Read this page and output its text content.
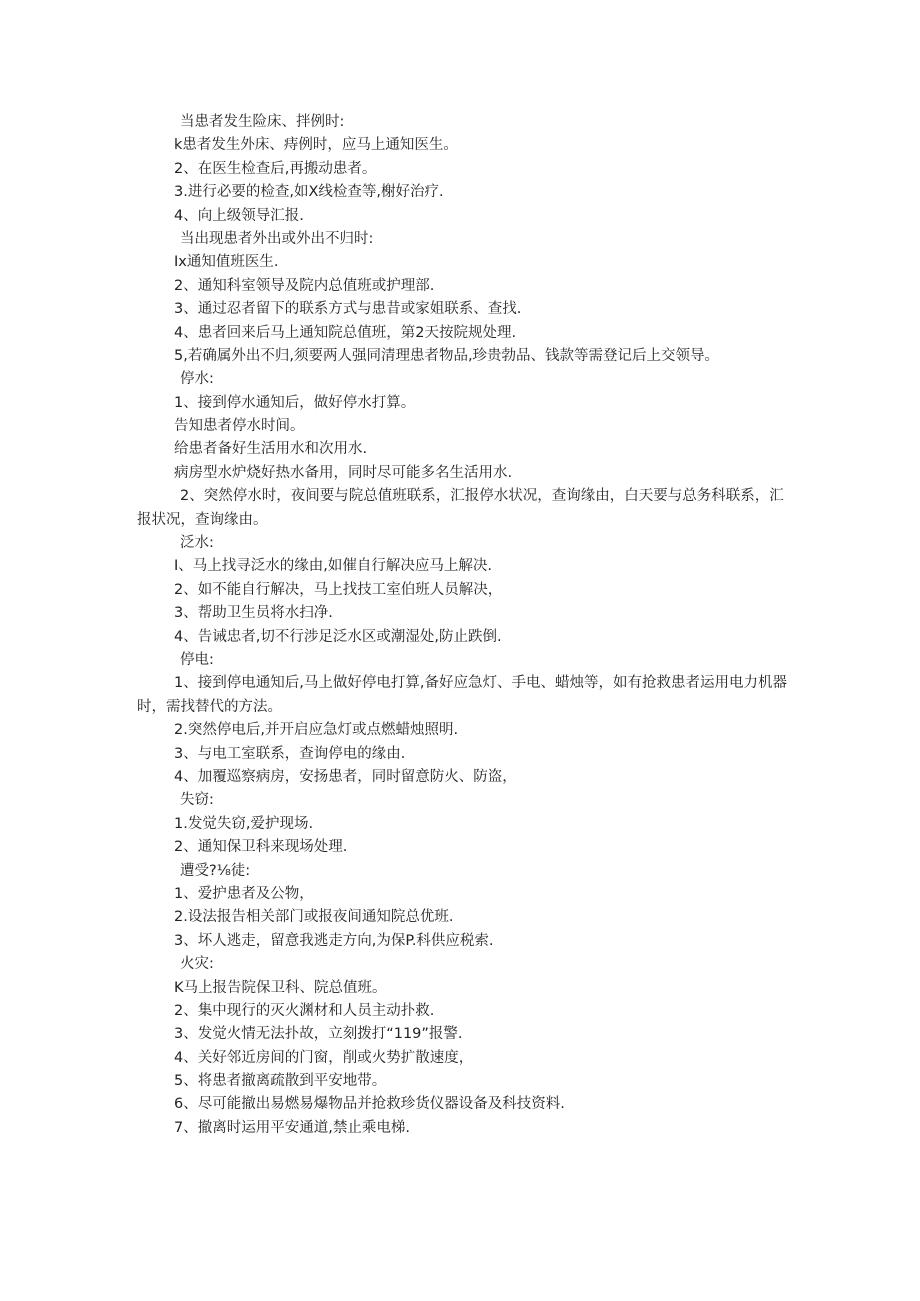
当患者发生险床、拌例时:
k患者发生外床、痔例时，应马上通知医生。
2、在医生检查后,再搬动患者。
3.进行必要的检查,如X线检查等,榭好治疗.
4、向上级领导汇报.
当出现患者外出或外出不归时:
Ix通知值班医生.
2、通知科室领导及院内总值班或护理部.
3、通过忍者留下的联系方式与患昔或家姐联系、查找.
4、患者回来后马上通知院总值班，第2天按院规处理.
5,若确属外出不归,须要两人强同清理患者物品,珍贵勃品、钱款等需登记后上交领导。
停水:
1、接到停水通知后，做好停水打算。
告知患者停水时间。
给患者备好生活用水和次用水.
病房型水炉烧好热水备用，同时尽可能多名生活用水.
2、突然停水时，夜间要与院总值班联系，汇报停水状况，查询缘由，白天要与总务科联系，汇报状况，查询缘由。
泛水:
I、马上找寻泛水的缘由,如催自行解决应马上解决.
2、如不能自行解决，马上找技工室伯班人员解决，
3、帮助卫生员将水扫净.
4、告诫忠者,切不行涉足泛水区或潮湿处,防止跌倒.
停电:
1、接到停电通知后,马上做好停电打算,备好应急灯、手电、蜡烛等，如有抢救患者运用电力机器时，需找替代的方法。
2.突然停电后,并开启应急灯或点燃蜡烛照明.
3、与电工室联系，查询停电的缘由.
4、加覆巡察病房，安扬患者，同时留意防火、防盗，
失窃:
1.发觉失窃,爱护现场.
2、通知保卫科来现场处理.
遭受?⅛徒:
1、爱护患者及公物，
2.设法报告相关部门或报夜间通知院总优班.
3、坏人逃走，留意我逃走方向,为保P.科供应税索.
火灾:
K马上报告院保卫科、院总值班。
2、集中现行的灭火渊材和人员主动扑救.
3、发觉火情无法扑故，立刻拨打“119”报警.
4、关好邻近房间的门窗，削或火势扩散速度，
5、将患者撤离疏散到平安地带。
6、尽可能撤出易燃易爆物品并抢救珍货仪器设备及科技资料.
7、撤离时运用平安通道,禁止乘电梯.
